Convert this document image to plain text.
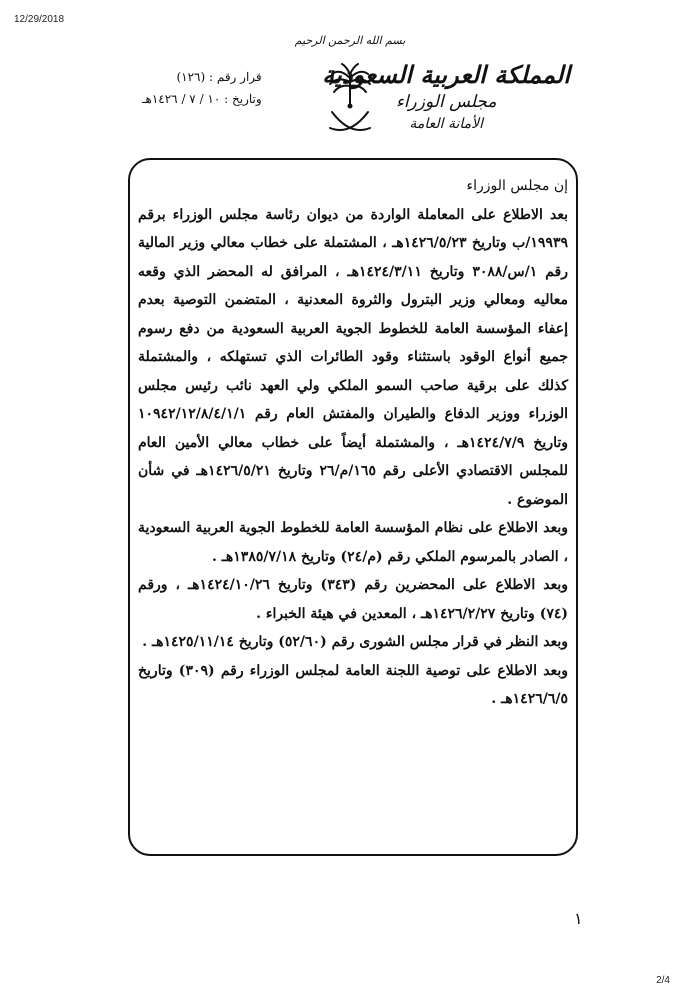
12/29/2018
بسم الله الرحمن الرحيم
المملكة العربية السعودية
مجلس الوزراء
الأمانة العامة
قرار رقم : (١٢٦)
وتاريخ : ١٠ / ٧ / ١٤٢٦هـ

إن مجلس الوزراء

بعد الاطلاع على المعاملة الواردة من ديوان رئاسة مجلس الوزراء برقم ١٩٩٣٩/ب وتاريخ ١٤٢٦/٥/٢٣هـ ، المشتملة على خطاب معالي وزير المالية رقم ١/س/٣٠٨٨ وتاريخ ١٤٢٤/٣/١١هـ ، المرافق له المحضر الذي وقعه معاليه ومعالي وزير البترول والثروة المعدنية ، المتضمن التوصية بعدم إعفاء المؤسسة العامة للخطوط الجوية العربية السعودية من دفع رسوم جميع أنواع الوقود باستثناء وقود الطائرات الذي تستهلكه ، والمشتملة كذلك على برقية صاحب السمو الملكي ولي العهد نائب رئيس مجلس الوزراء ووزير الدفاع والطيران والمفتش العام رقم ١٠٩٤٢/١٢/٨/٤/١/١ وتاريخ ١٤٢٤/٧/٩هـ ، والمشتملة أيضاً على خطاب معالي الأمين العام للمجلس الاقتصادي الأعلى رقم ١٦٥/م/٢٦ وتاريخ ١٤٢٦/٥/٢١هـ في شأن الموضوع .

وبعد الاطلاع على نظام المؤسسة العامة للخطوط الجوية العربية السعودية ، الصادر بالمرسوم الملكي رقم (م/٢٤) وتاريخ ١٣٨٥/٧/١٨هـ .

وبعد الاطلاع على المحضرين رقم (٣٤٣) وتاريخ ١٤٢٤/١٠/٢٦هـ ، ورقم (٧٤) وتاريخ ١٤٢٦/٢/٢٧هـ ، المعدين في هيئة الخبراء .

وبعد النظر في قرار مجلس الشورى رقم (٥٢/٦٠) وتاريخ ١٤٢٥/١١/١٤هـ .

وبعد الاطلاع على توصية اللجنة العامة لمجلس الوزراء رقم (٣٠٩) وتاريخ ١٤٢٦/٦/٥هـ .

١
2/4
